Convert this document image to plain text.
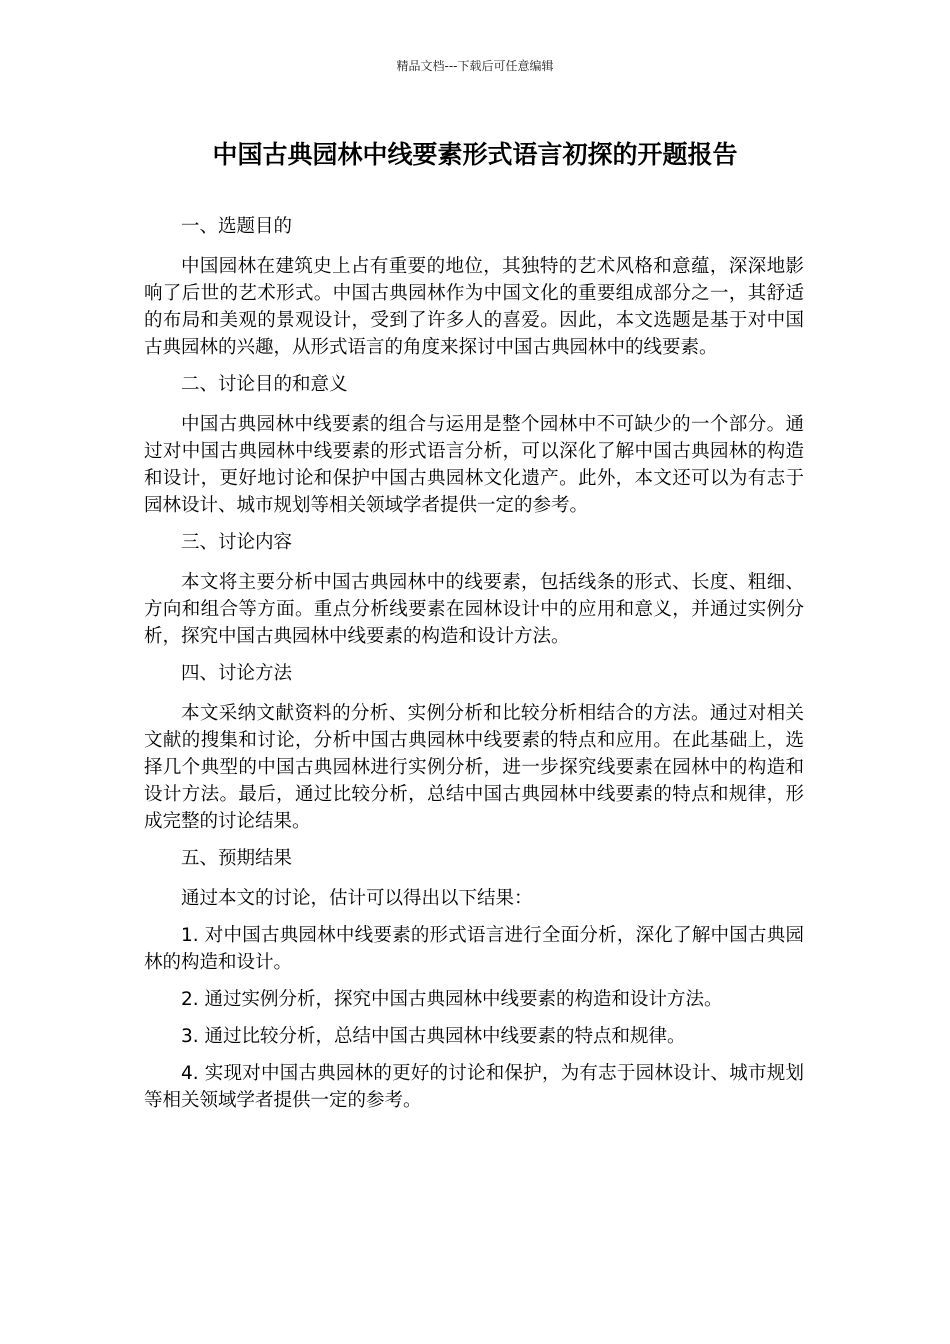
精品文档---下载后可任意编辑
中国古典园林中线要素形式语言初探的开题报告

一、选题目的

中国园林在建筑史上占有重要的地位，其独特的艺术风格和意蕴，深深地影响了后世的艺术形式。中国古典园林作为中国文化的重要组成部分之一，其舒适的布局和美观的景观设计，受到了许多人的喜爱。因此，本文选题是基于对中国古典园林的兴趣，从形式语言的角度来探讨中国古典园林中的线要素。

二、讨论目的和意义

中国古典园林中线要素的组合与运用是整个园林中不可缺少的一个部分。通过对中国古典园林中线要素的形式语言分析，可以深化了解中国古典园林的构造和设计，更好地讨论和保护中国古典园林文化遗产。此外，本文还可以为有志于园林设计、城市规划等相关领域学者提供一定的参考。

三、讨论内容

本文将主要分析中国古典园林中的线要素，包括线条的形式、长度、粗细、方向和组合等方面。重点分析线要素在园林设计中的应用和意义，并通过实例分析，探究中国古典园林中线要素的构造和设计方法。

四、讨论方法

本文采纳文献资料的分析、实例分析和比较分析相结合的方法。通过对相关文献的搜集和讨论，分析中国古典园林中线要素的特点和应用。在此基础上，选择几个典型的中国古典园林进行实例分析，进一步探究线要素在园林中的构造和设计方法。最后，通过比较分析，总结中国古典园林中线要素的特点和规律，形成完整的讨论结果。

五、预期结果

通过本文的讨论，估计可以得出以下结果：

1. 对中国古典园林中线要素的形式语言进行全面分析，深化了解中国古典园林的构造和设计。

2. 通过实例分析，探究中国古典园林中线要素的构造和设计方法。

3. 通过比较分析，总结中国古典园林中线要素的特点和规律。

4. 实现对中国古典园林的更好的讨论和保护，为有志于园林设计、城市规划等相关领域学者提供一定的参考。
